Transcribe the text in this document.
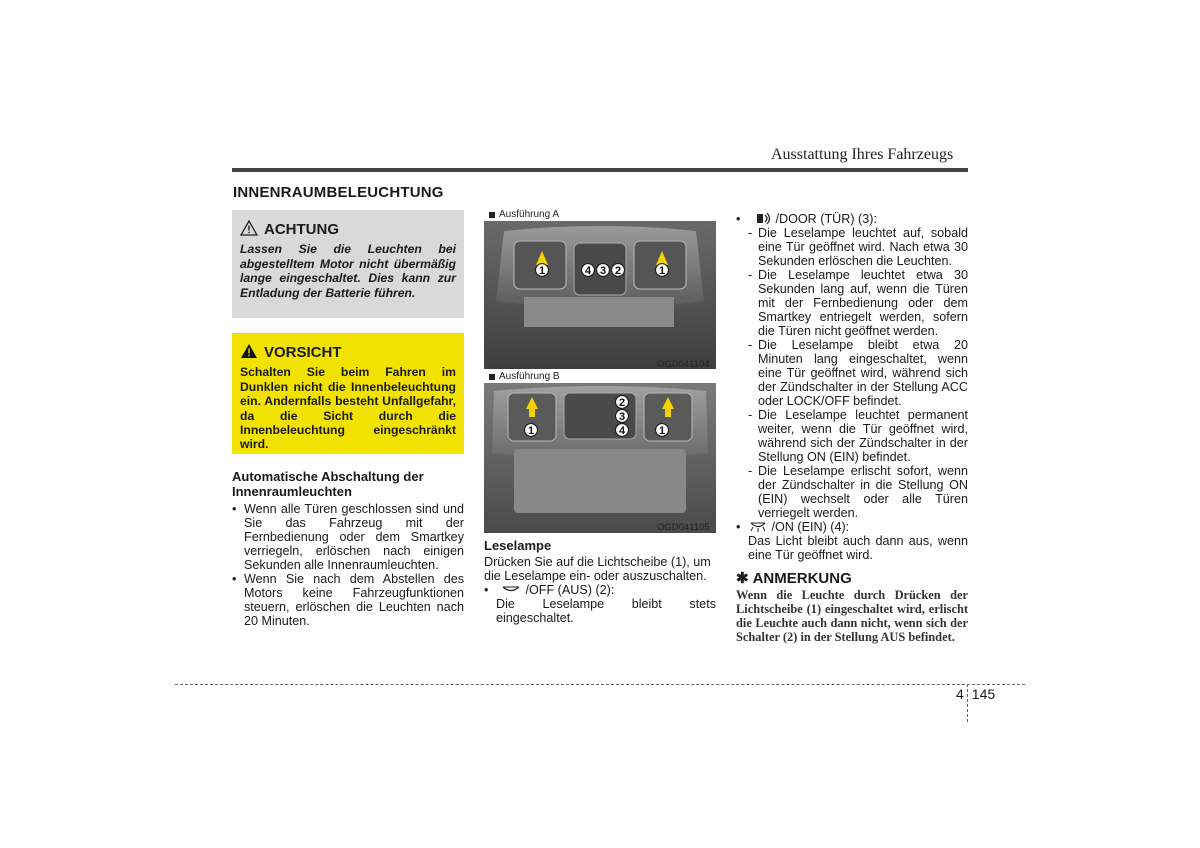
Ausstattung Ihres Fahrzeugs
INNENRAUMBELEUCHTUNG
ACHTUNG
Lassen Sie die Leuchten bei abgestelltem Motor nicht übermäßig lange eingeschaltet. Dies kann zur Entladung der Batterie führen.
VORSICHT
Schalten Sie beim Fahren im Dunklen nicht die Innenbeleuchtung ein. Andernfalls besteht Unfallgefahr, da die Sicht durch die Innenbeleuchtung eingeschränkt wird.
Automatische Abschaltung der Innenraumleuchten
• Wenn alle Türen geschlossen sind und Sie das Fahrzeug mit der Fernbedienung oder dem Smartkey verriegeln, erlöschen nach einigen Sekunden alle Innenraumleuchten.
• Wenn Sie nach dem Abstellen des Motors keine Fahrzeugfunktionen steuern, erlöschen die Leuchten nach 20 Minuten.
Ausführung A
1	4 3 2	1
OGD041104
Ausführung B
1
2
3
4	1
OGD041105
Leselampe
Drücken Sie auf die Lichtscheibe (1), um die Leselampe ein- oder auszuschalten.
•	/OFF (AUS) (2):
Die Leselampe bleibt stets eingeschaltet.
•	/DOOR (TÜR) (3):
- Die Leselampe leuchtet auf, sobald eine Tür geöffnet wird. Nach etwa 30 Sekunden erlöschen die Leuchten.
- Die Leselampe leuchtet etwa 30 Sekunden lang auf, wenn die Türen mit der Fernbedienung oder dem Smartkey entriegelt werden, sofern die Türen nicht geöffnet werden.
- Die Leselampe bleibt etwa 20 Minuten lang eingeschaltet, wenn eine Tür geöffnet wird, während sich der Zündschalter in der Stellung ACC oder LOCK/OFF befindet.
- Die Leselampe leuchtet permanent weiter, wenn die Tür geöffnet wird, während sich der Zündschalter in der Stellung ON (EIN) befindet.
- Die Leselampe erlischt sofort, wenn der Zündschalter in die Stellung ON (EIN) wechselt oder alle Türen verriegelt werden.
• /ON (EIN) (4):
Das Licht bleibt auch dann aus, wenn eine Tür geöffnet wird.
✱ ANMERKUNG
Wenn die Leuchte durch Drücken der Lichtscheibe (1) eingeschaltet wird, erlischt die Leuchte auch dann nicht, wenn sich der Schalter (2) in der Stellung AUS befindet.
4 145
